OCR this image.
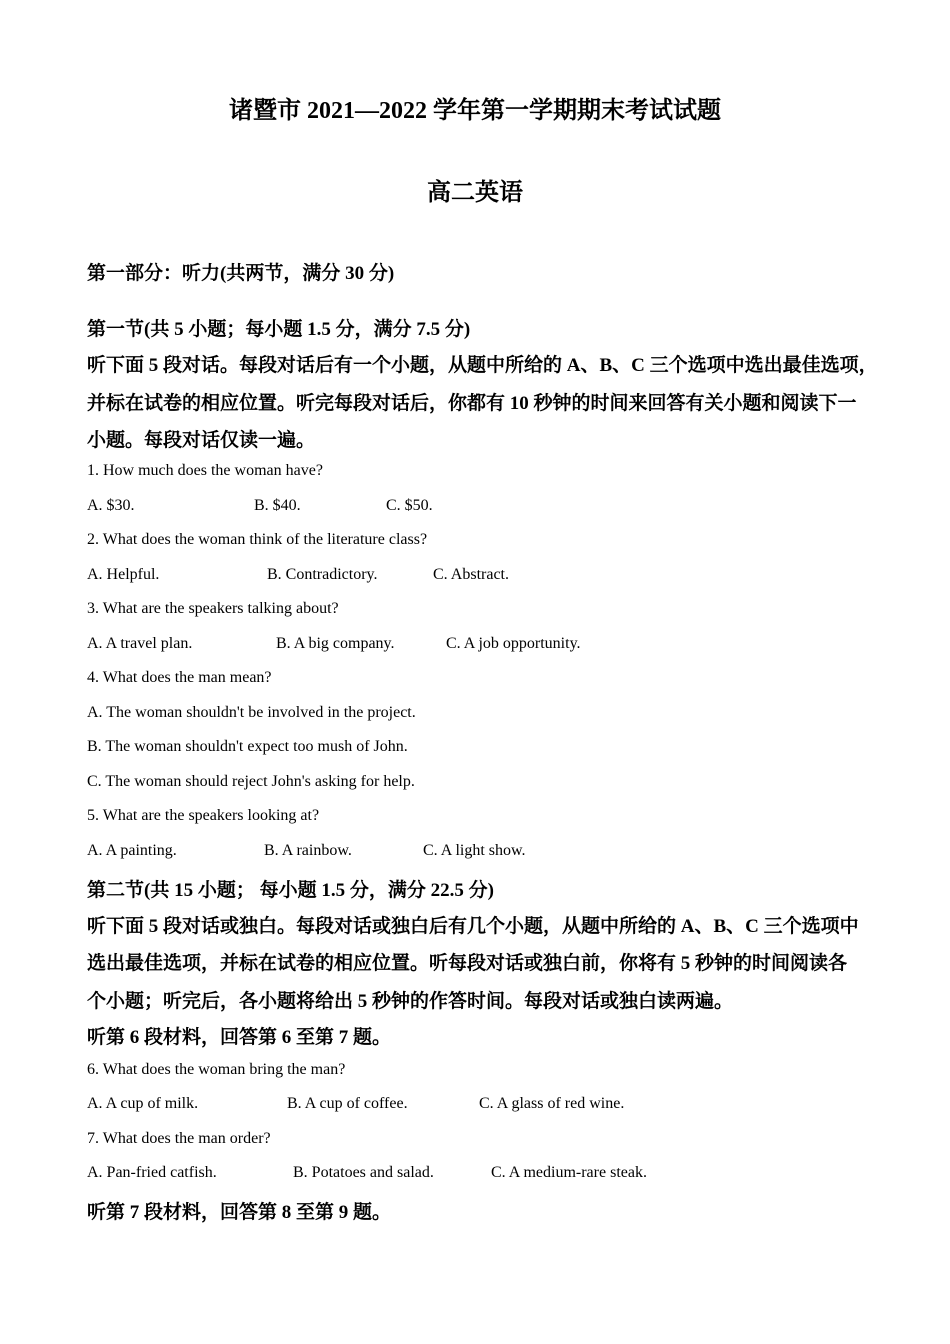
诸暨市 2021—2022 学年第一学期期末考试试题
高二英语
第一部分：听力(共两节，满分 30 分)
第一节(共 5 小题；每小题 1.5 分，满分 7.5 分)
听下面 5 段对话。每段对话后有一个小题，从题中所给的 A、B、C 三个选项中选出最佳选项，
并标在试卷的相应位置。听完每段对话后，你都有 10 秒钟的时间来回答有关小题和阅读下一
小题。每段对话仅读一遍。
1. How much does the woman have?
A. $30.	B. $40.	C. $50.
2. What does the woman think of the literature class?
A. Helpful.	B. Contradictory.	C. Abstract.
3. What are the speakers talking about?
A. A travel plan.	B. A big company.	C. A job opportunity.
4. What does the man mean?
A. The woman shouldn't be involved in the project.
B. The woman shouldn't expect too mush of John.
C. The woman should reject John's asking for help.
5. What are the speakers looking at?
A. A painting.	B. A rainbow.	C. A light show.
第二节(共 15 小题； 每小题 1.5 分，满分 22.5 分)
听下面 5 段对话或独白。每段对话或独白后有几个小题，从题中所给的 A、B、C 三个选项中
选出最佳选项，并标在试卷的相应位置。听每段对话或独白前，你将有 5 秒钟的时间阅读各
个小题；听完后，各小题将给出 5 秒钟的作答时间。每段对话或独白读两遍。
听第 6 段材料，回答第 6 至第 7 题。
6. What does the woman bring the man?
A. A cup of milk.	B. A cup of coffee.	C. A glass of red wine.
7. What does the man order?
A. Pan-fried catfish.	B. Potatoes and salad.	C. A medium-rare steak.
听第 7 段材料，回答第 8 至第 9 题。
